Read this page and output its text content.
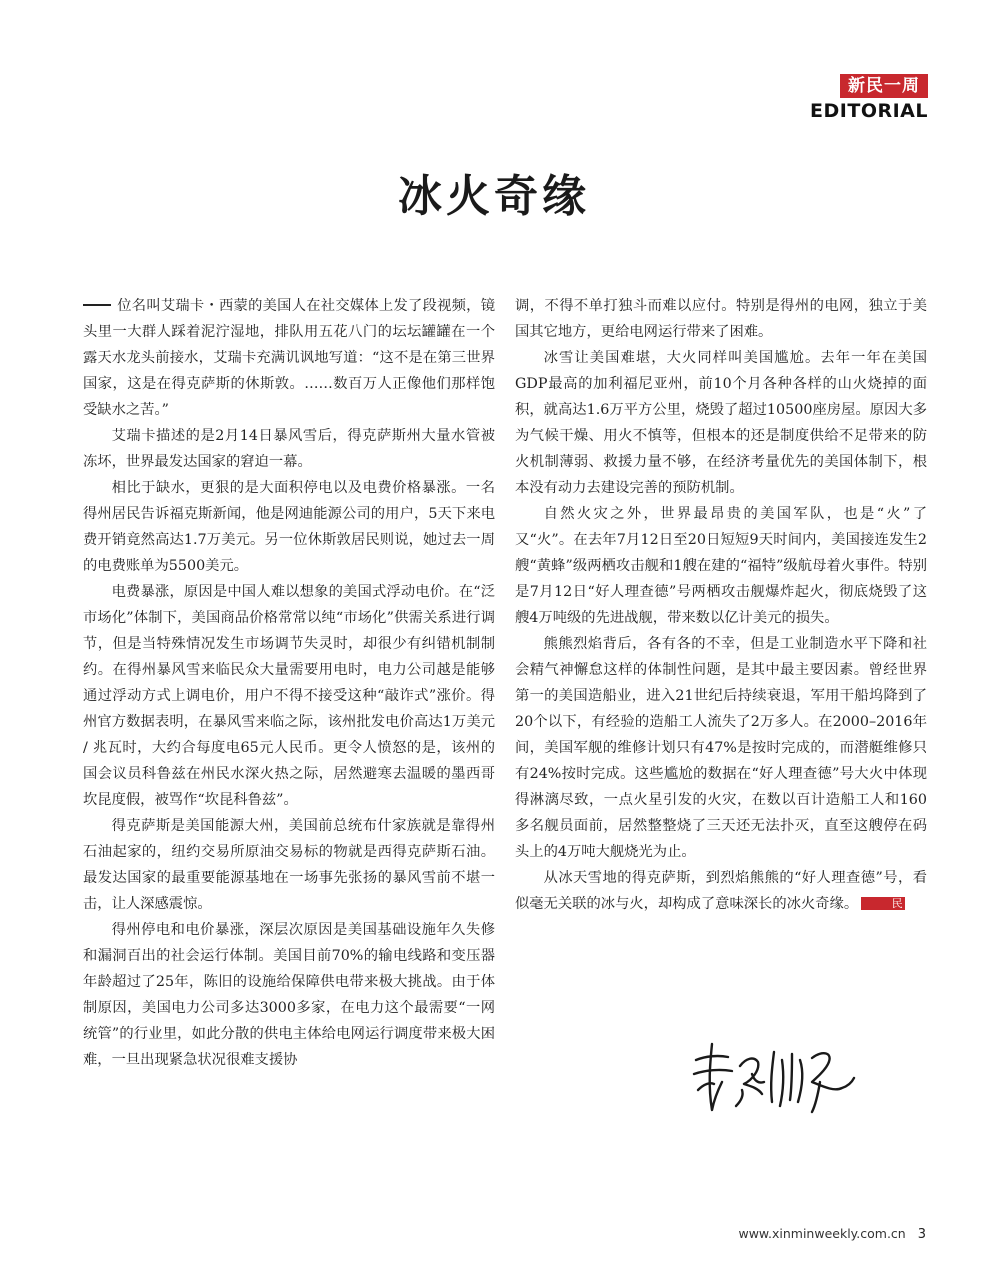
新民一周
EDITORIAL
冰火奇缘

位名叫艾瑞卡・西蒙的美国人在社交媒体上发了段视频，镜头里一大群人踩着泥泞湿地，排队用五花八门的坛坛罐罐在一个露天水龙头前接水，艾瑞卡充满讥讽地写道：“这不是在第三世界国家，这是在得克萨斯的休斯敦。……数百万人正像他们那样饱受缺水之苦。”

艾瑞卡描述的是2月14日暴风雪后，得克萨斯州大量水管被冻坏，世界最发达国家的窘迫一幕。

相比于缺水，更狠的是大面积停电以及电费价格暴涨。一名得州居民告诉福克斯新闻，他是网迪能源公司的用户，5天下来电费开销竟然高达1.7万美元。另一位休斯敦居民则说，她过去一周的电费账单为5500美元。

电费暴涨，原因是中国人难以想象的美国式浮动电价。在“泛市场化”体制下，美国商品价格常常以纯“市场化”供需关系进行调节，但是当特殊情况发生市场调节失灵时，却很少有纠错机制制约。在得州暴风雪来临民众大量需要用电时，电力公司越是能够通过浮动方式上调电价，用户不得不接受这种“敲诈式”涨价。得州官方数据表明，在暴风雪来临之际，该州批发电价高达1万美元 / 兆瓦时，大约合每度电65元人民币。更令人愤怒的是，该州的国会议员科鲁兹在州民水深火热之际，居然避寒去温暖的墨西哥坎昆度假，被骂作“坎昆科鲁兹”。

得克萨斯是美国能源大州，美国前总统布什家族就是靠得州石油起家的，纽约交易所原油交易标的物就是西得克萨斯石油。最发达国家的最重要能源基地在一场事先张扬的暴风雪前不堪一击，让人深感震惊。

得州停电和电价暴涨，深层次原因是美国基础设施年久失修和漏洞百出的社会运行体制。美国目前70%的输电线路和变压器年龄超过了25年，陈旧的设施给保障供电带来极大挑战。由于体制原因，美国电力公司多达3000多家，在电力这个最需要“一网统管”的行业里，如此分散的供电主体给电网运行调度带来极大困难，一旦出现紧急状况很难支援协

调，不得不单打独斗而难以应付。特别是得州的电网，独立于美国其它地方，更给电网运行带来了困难。

冰雪让美国难堪，大火同样叫美国尴尬。去年一年在美国GDP最高的加利福尼亚州，前10个月各种各样的山火烧掉的面积，就高达1.6万平方公里，烧毁了超过10500座房屋。原因大多为气候干燥、用火不慎等，但根本的还是制度供给不足带来的防火机制薄弱、救援力量不够，在经济考量优先的美国体制下，根本没有动力去建设完善的预防机制。

自然火灾之外，世界最昂贵的美国军队，也是“火”了又“火”。在去年7月12日至20日短短9天时间内，美国接连发生2艘“黄蜂”级两栖攻击舰和1艘在建的“福特”级航母着火事件。特别是7月12日“好人理查德”号两栖攻击舰爆炸起火，彻底烧毁了这艘4万吨级的先进战舰，带来数以亿计美元的损失。

熊熊烈焰背后，各有各的不幸，但是工业制造水平下降和社会精气神懈怠这样的体制性问题，是其中最主要因素。曾经世界第一的美国造船业，进入21世纪后持续衰退，军用干船坞降到了20个以下，有经验的造船工人流失了2万多人。在2000–2016年间，美国军舰的维修计划只有47%是按时完成的，而潜艇维修只有24%按时完成。这些尴尬的数据在“好人理查德”号大火中体现得淋漓尽致，一点火星引发的火灾，在数以百计造船工人和160多名舰员面前，居然整整烧了三天还无法扑灭，直至这艘停在码头上的4万吨大舰烧光为止。

从冰天雪地的得克萨斯，到烈焰熊熊的“好人理查德”号，看似毫无关联的冰与火，却构成了意味深长的冰火奇缘。	民

www.xinminweekly.com.cn 3
